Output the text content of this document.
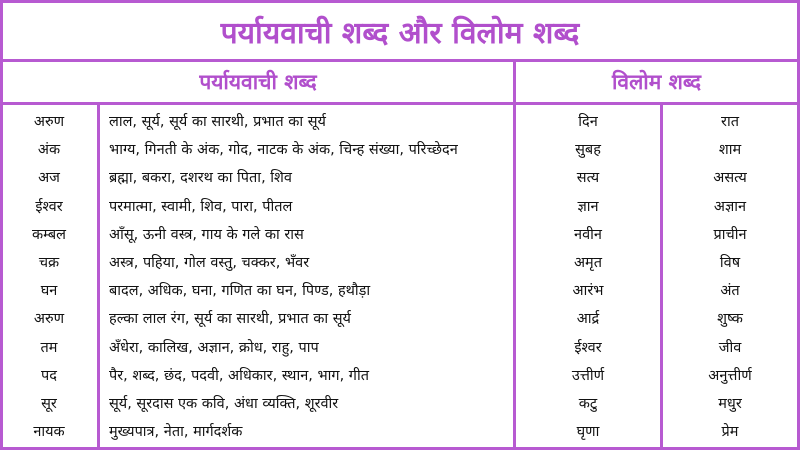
पर्यायवाची शब्द और विलोम शब्द
पर्यायवाची शब्द	विलोम शब्द
अरुण	लाल, सूर्य, सूर्य का सारथी, प्रभात का सूर्य	दिन	रात
अंक	भाग्य, गिनती के अंक, गोद, नाटक के अंक, चिन्ह संख्या, परिच्छेदन	सुबह	शाम
अज	ब्रह्मा, बकरा, दशरथ का पिता, शिव	सत्य	असत्य
ईश्वर	परमात्मा, स्वामी, शिव, पारा, पीतल	ज्ञान	अज्ञान
कम्बल	आँसू, ऊनी वस्त्र, गाय के गले का रास	नवीन	प्राचीन
चक्र	अस्त्र, पहिया, गोल वस्तु, चक्कर, भँवर	अमृत	विष
घन	बादल, अधिक, घना, गणित का घन, पिण्ड, हथौड़ा	आरंभ	अंत
अरुण	हल्का लाल रंग, सूर्य का सारथी, प्रभात का सूर्य	आर्द्र	शुष्क
तम	अँधेरा, कालिख, अज्ञान, क्रोध, राहु, पाप	ईश्वर	जीव
पद	पैर, शब्द, छंद, पदवी, अधिकार, स्थान, भाग, गीत	उत्तीर्ण	अनुत्तीर्ण
सूर	सूर्य, सूरदास एक कवि, अंधा व्यक्ति, शूरवीर	कटु	मधुर
नायक	मुख्यपात्र, नेता, मार्गदर्शक	घृणा	प्रेम
